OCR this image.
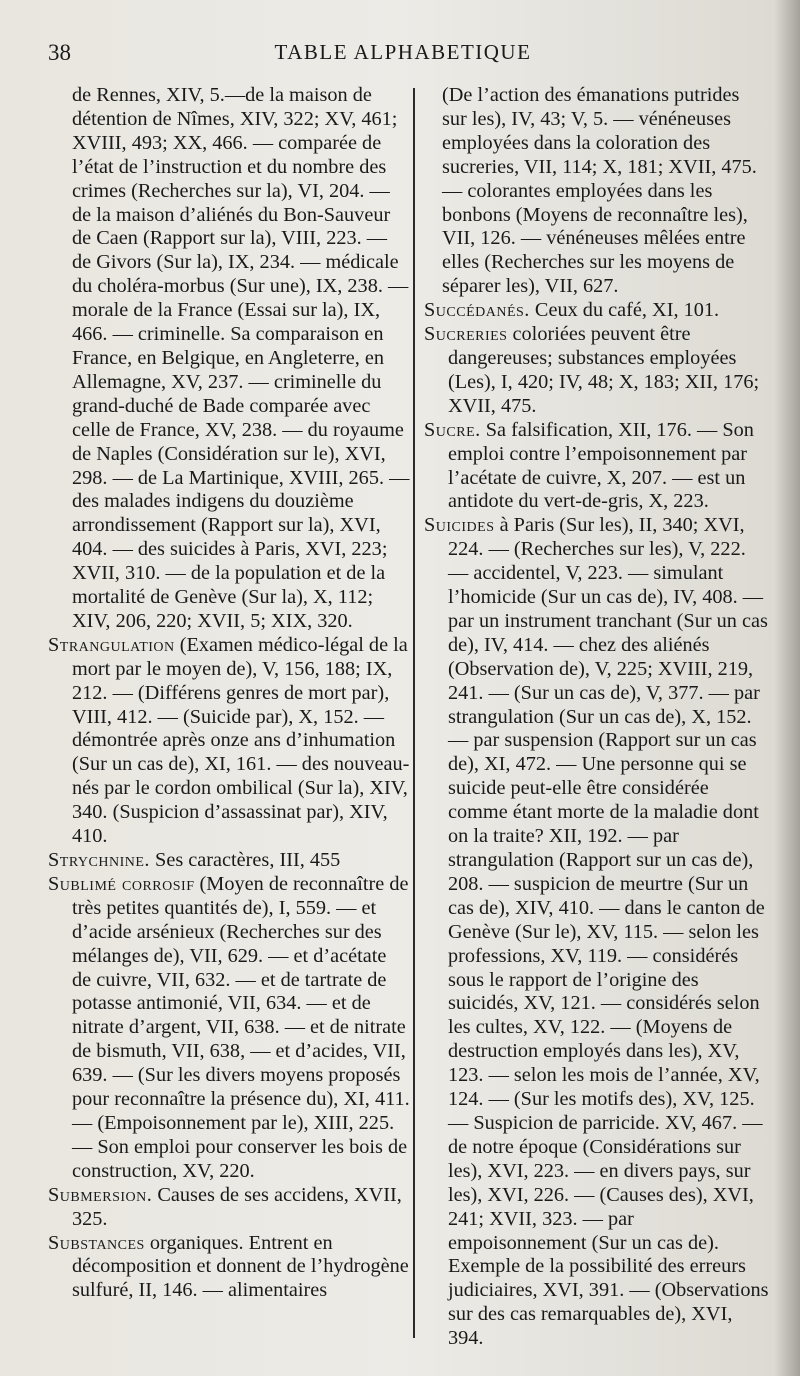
38	TABLE ALPHABETIQUE

de Rennes, XIV, 5.—de la maison de détention de Nîmes, XIV, 322; XV, 461; XVIII, 493; XX, 466. — comparée de l’état de l’instruction et du nombre des crimes (Recherches sur la), VI, 204. — de la maison d’aliénés du Bon-Sauveur de Caen (Rapport sur la), VIII, 223. — de Givors (Sur la), IX, 234. — médicale du choléra-morbus (Sur une), IX, 238. — morale de la France (Essai sur la), IX, 466. — criminelle. Sa comparaison en France, en Belgique, en Angleterre, en Allemagne, XV, 237. — criminelle du grand-duché de Bade comparée avec celle de France, XV, 238. — du royaume de Naples (Considération sur le), XVI, 298. — de La Martinique, XVIII, 265. — des malades indigens du douzième arrondissement (Rapport sur la), XVI, 404. — des suicides à Paris, XVI, 223; XVII, 310. — de la population et de la mortalité de Genève (Sur la), X, 112; XIV, 206, 220; XVII, 5; XIX, 320.

Strangulation (Examen médico-légal de la mort par le moyen de), V, 156, 188; IX, 212. — (Différens genres de mort par), VIII, 412. — (Suicide par), X, 152. — démontrée après onze ans d’inhumation (Sur un cas de), XI, 161. — des nouveau-nés par le cordon ombilical (Sur la), XIV, 340. (Suspicion d’assassinat par), XIV, 410.

Strychnine. Ses caractères, III, 455

Sublimé corrosif (Moyen de reconnaître de très petites quantités de), I, 559. — et d’acide arsénieux (Recherches sur des mélanges de), VII, 629. — et d’acétate de cuivre, VII, 632. — et de tartrate de potasse antimonié, VII, 634. — et de nitrate d’argent, VII, 638. — et de nitrate de bismuth, VII, 638, — et d’acides, VII, 639. — (Sur les divers moyens proposés pour reconnaître la présence du), XI, 411. — (Empoisonnement par le), XIII, 225. — Son emploi pour conserver les bois de construction, XV, 220.

Submersion. Causes de ses accidens, XVII, 325.

Substances organiques. Entrent en décomposition et donnent de l’hydrogène sulfuré, II, 146. — alimentaires

(De l’action des émanations putrides sur les), IV, 43; V, 5. — vénéneuses employées dans la coloration des sucreries, VII, 114; X, 181; XVII, 475. — colorantes employées dans les bonbons (Moyens de reconnaître les), VII, 126. — vénéneuses mêlées entre elles (Recherches sur les moyens de séparer les), VII, 627.

Succédanés. Ceux du café, XI, 101.

Sucreries coloriées peuvent être dangereuses; substances employées (Les), I, 420; IV, 48; X, 183; XII, 176; XVII, 475.

Sucre. Sa falsification, XII, 176. — Son emploi contre l’empoisonnement par l’acétate de cuivre, X, 207. — est un antidote du vert-de-gris, X, 223.

Suicides à Paris (Sur les), II, 340; XVI, 224. — (Recherches sur les), V, 222. — accidentel, V, 223. — simulant l’homicide (Sur un cas de), IV, 408. — par un instrument tranchant (Sur un cas de), IV, 414. — chez des aliénés (Observation de), V, 225; XVIII, 219, 241. — (Sur un cas de), V, 377. — par strangulation (Sur un cas de), X, 152. — par suspension (Rapport sur un cas de), XI, 472. — Une personne qui se suicide peut-elle être considérée comme étant morte de la maladie dont on la traite? XII, 192. — par strangulation (Rapport sur un cas de), 208. — suspicion de meurtre (Sur un cas de), XIV, 410. — dans le canton de Genève (Sur le), XV, 115. — selon les professions, XV, 119. — considérés sous le rapport de l’origine des suicidés, XV, 121. — considérés selon les cultes, XV, 122. — (Moyens de destruction employés dans les), XV, 123. — selon les mois de l’année, XV, 124. — (Sur les motifs des), XV, 125. — Suspicion de parricide. XV, 467. — de notre époque (Considérations sur les), XVI, 223. — en divers pays, sur les), XVI, 226. — (Causes des), XVI, 241; XVII, 323. — par empoisonnement (Sur un cas de). Exemple de la possibilité des erreurs judiciaires, XVI, 391. — (Observations sur des cas remarquables de), XVI, 394.
